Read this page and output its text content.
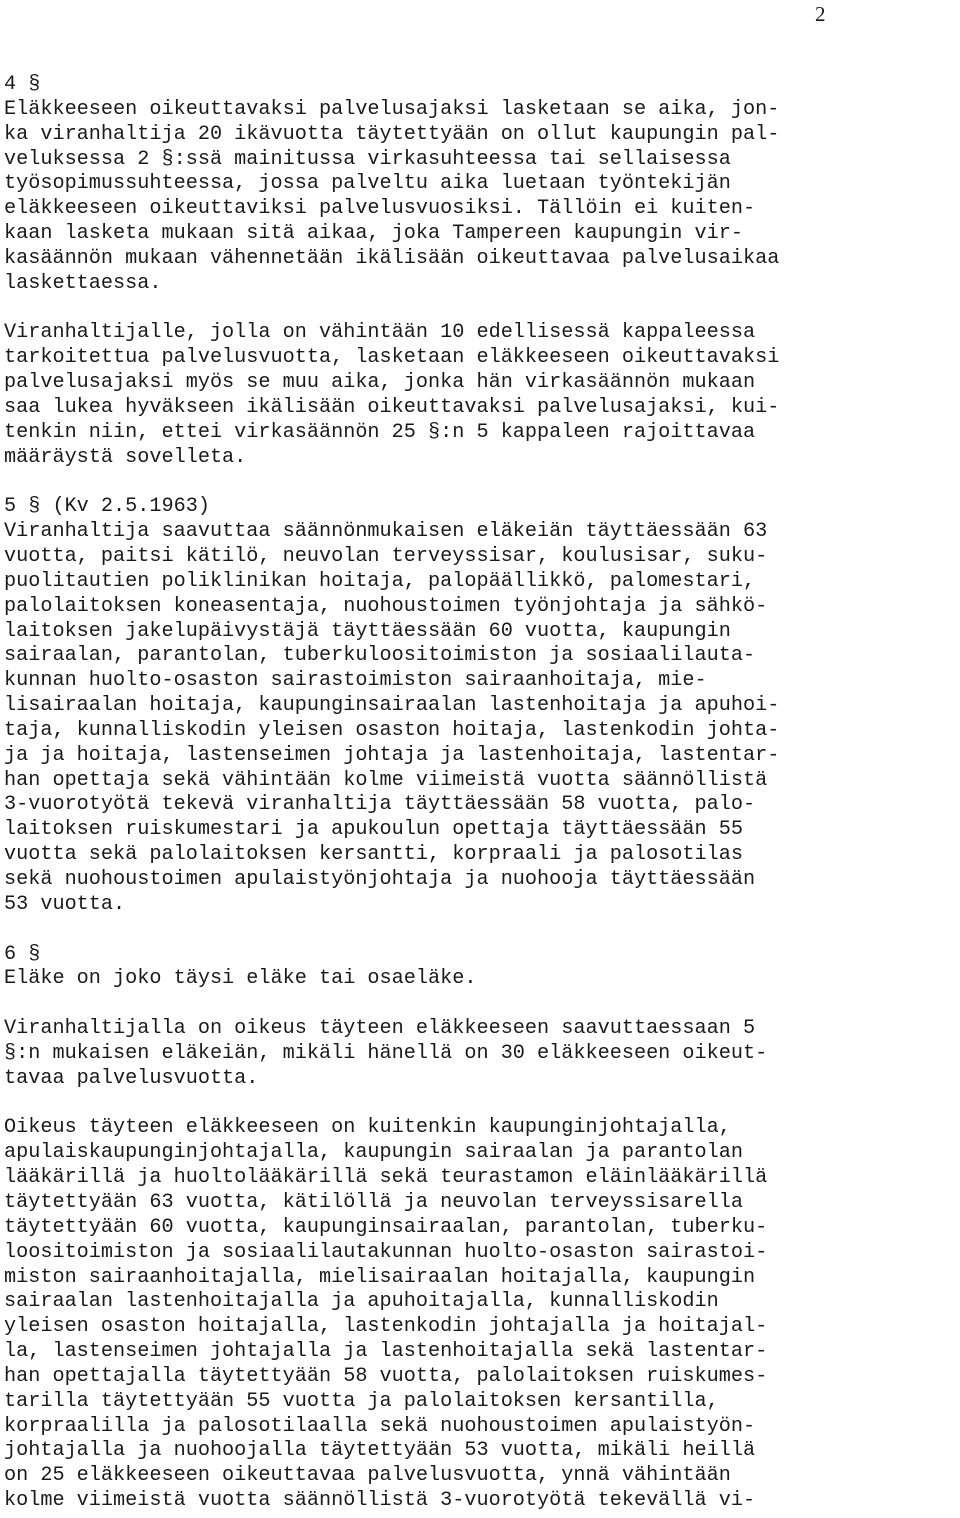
2
4 §
Eläkkeeseen oikeuttavaksi palvelusajaksi lasketaan se aika, jon-
ka viranhaltija 20 ikävuotta täytettyään on ollut kaupungin pal-
veluksessa 2 §:ssä mainitussa virkasuhteessa tai sellaisessa
työsopimussuhteessa, jossa palveltu aika luetaan työntekijän
eläkkeeseen oikeuttaviksi palvelusvuosiksi. Tällöin ei kuiten-
kaan lasketa mukaan sitä aikaa, joka Tampereen kaupungin vir-
kasäännön mukaan vähennetään ikälisään oikeuttavaa palvelusaikaa
laskettaessa.
Viranhaltijalle, jolla on vähintään 10 edellisessä kappaleessa
tarkoitettua palvelusvuotta, lasketaan eläkkeeseen oikeuttavaksi
palvelusajaksi myös se muu aika, jonka hän virkasäännön mukaan
saa lukea hyväkseen ikälisään oikeuttavaksi palvelusajaksi, kui-
tenkin niin, ettei virkasäännön 25 §:n 5 kappaleen rajoittavaa
määräystä sovelleta.
5 § (Kv 2.5.1963)
Viranhaltija saavuttaa säännönmukaisen eläkeiän täyttäessään 63
vuotta, paitsi kätilö, neuvolan terveyssisar, koulusisar, suku-
puolitautien poliklinikan hoitaja, palopäällikkö, palomestari,
palolaitoksen koneasentaja, nuohoustoimen työnjohtaja ja sähkö-
laitoksen jakelupäivystäjä täyttäessään 60 vuotta, kaupungin
sairaalan, parantolan, tuberkuloositoimiston ja sosiaalilauta-
kunnan huolto-osaston sairastoimiston sairaanhoitaja, mie-
lisairaalan hoitaja, kaupunginsairaalan lastenhoitaja ja apuhoi-
taja, kunnalliskodin yleisen osaston hoitaja, lastenkodin johta-
ja ja hoitaja, lastenseimen johtaja ja lastenhoitaja, lastentar-
han opettaja sekä vähintään kolme viimeistä vuotta säännöllistä
3-vuorotyötä tekevä viranhaltija täyttäessään 58 vuotta, palo-
laitoksen ruiskumestari ja apukoulun opettaja täyttäessään 55
vuotta sekä palolaitoksen kersantti, korpraali ja palosotilas
sekä nuohoustoimen apulaistyönjohtaja ja nuohooja täyttäessään
53 vuotta.
6 §
Eläke on joko täysi eläke tai osaeläke.
Viranhaltijalla on oikeus täyteen eläkkeeseen saavuttaessaan 5
§:n mukaisen eläkeiän, mikäli hänellä on 30 eläkkeeseen oikeut-
tavaa palvelusvuotta.
Oikeus täyteen eläkkeeseen on kuitenkin kaupunginjohtajalla,
apulaiskaupunginjohtajalla, kaupungin sairaalan ja parantolan
lääkärillä ja huoltolääkärillä sekä teurastamon eläinlääkärillä
täytettyään 63 vuotta, kätilöllä ja neuvolan terveyssisarella
täytettyään 60 vuotta, kaupunginsairaalan, parantolan, tuberku-
loositoimiston ja sosiaalilautakunnan huolto-osaston sairastoi-
miston sairaanhoitajalla, mielisairaalan hoitajalla, kaupungin
sairaalan lastenhoitajalla ja apuhoitajalla, kunnalliskodin
yleisen osaston hoitajalla, lastenkodin johtajalla ja hoitajal-
la, lastenseimen johtajalla ja lastenhoitajalla sekä lastentar-
han opettajalla täytettyään 58 vuotta, palolaitoksen ruiskumes-
tarilla täytettyään 55 vuotta ja palolaitoksen kersantilla,
korpraalilla ja palosotilaalla sekä nuohoustoimen apulaistyön-
johtajalla ja nuohoojalla täytettyään 53 vuotta, mikäli heillä
on 25 eläkkeeseen oikeuttavaa palvelusvuotta, ynnä vähintään
kolme viimeistä vuotta säännöllistä 3-vuorotyötä tekevällä vi-
